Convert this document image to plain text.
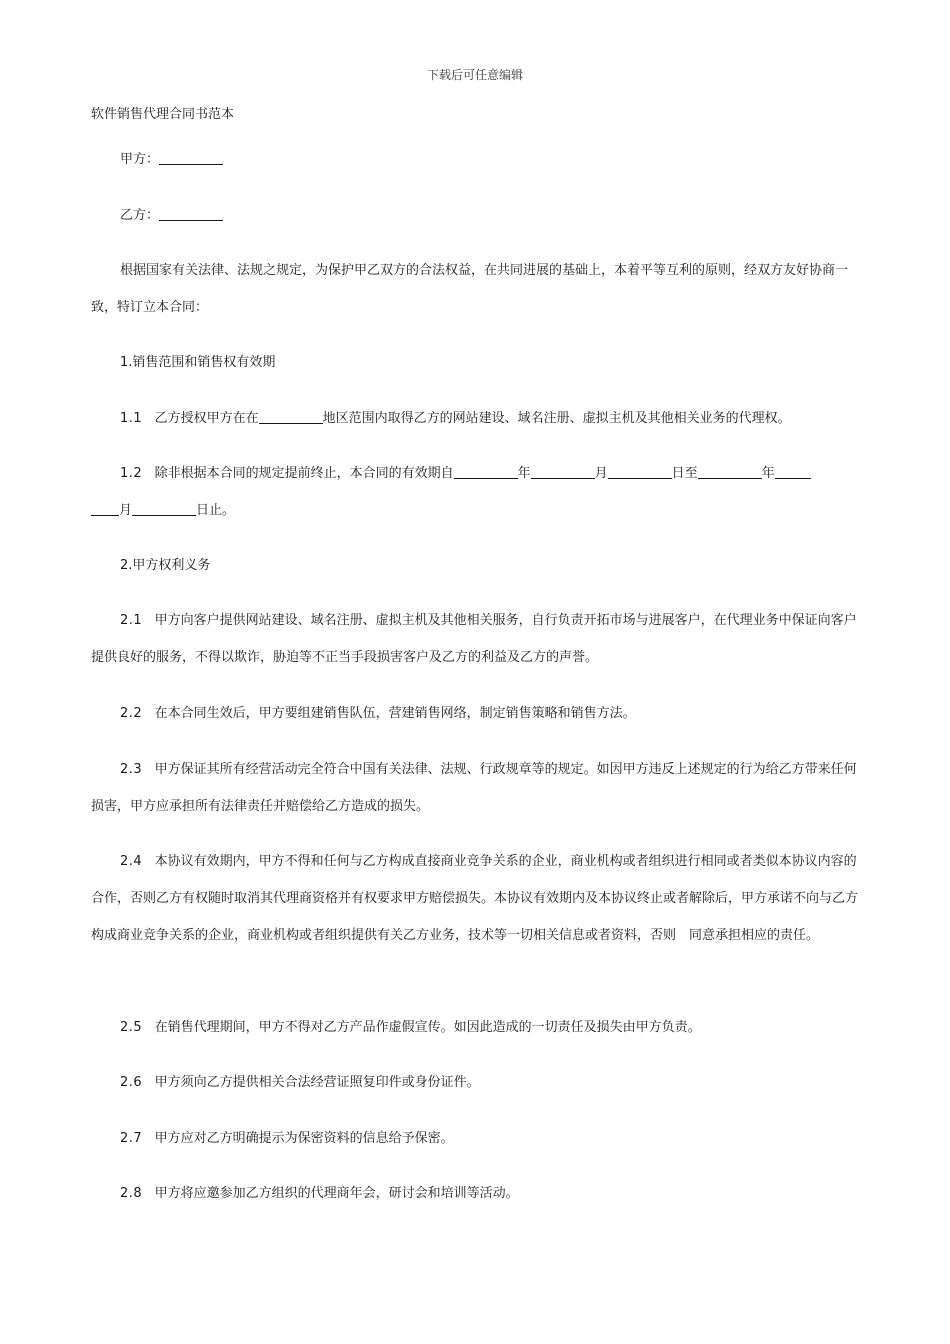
下载后可任意编辑
软件销售代理合同书范本
甲方：
乙方：
根据国家有关法律、法规之规定，为保护甲乙双方的合法权益，在共同进展的基础上，本着平等互利的原则，经双方友好协商一致，特订立本合同：
1.销售范围和销售权有效期
1.1 乙方授权甲方在在	地区范围内取得乙方的网站建设、域名注册、虚拟主机及其他相关业务的代理权。
1.2 除非根据本合同的规定提前终止，本合同的有效期自	年	月	日至	年
月	日止。
2.甲方权利义务
2.1 甲方向客户提供网站建设、域名注册、虚拟主机及其他相关服务，自行负责开拓市场与进展客户，在代理业务中保证向客户提供良好的服务，不得以欺诈，胁迫等不正当手段损害客户及乙方的利益及乙方的声誉。
2.2 在本合同生效后，甲方要组建销售队伍，营建销售网络，制定销售策略和销售方法。
2.3 甲方保证其所有经营活动完全符合中国有关法律、法规、行政规章等的规定。如因甲方违反上述规定的行为给乙方带来任何损害，甲方应承担所有法律责任并赔偿给乙方造成的损失。
2.4 本协议有效期内，甲方不得和任何与乙方构成直接商业竞争关系的企业，商业机构或者组织进行相同或者类似本协议内容的合作，否则乙方有权随时取消其代理商资格并有权要求甲方赔偿损失。本协议有效期内及本协议终止或者解除后，甲方承诺不向与乙方构成商业竞争关系的企业，商业机构或者组织提供有关乙方业务，技术等一切相关信息或者资料，否则　同意承担相应的责任。
2.5 在销售代理期间，甲方不得对乙方产品作虚假宣传。如因此造成的一切责任及损失由甲方负责。
2.6 甲方须向乙方提供相关合法经营证照复印件或身份证件。
2.7 甲方应对乙方明确提示为保密资料的信息给予保密。
2.8 甲方将应邀参加乙方组织的代理商年会，研讨会和培训等活动。
